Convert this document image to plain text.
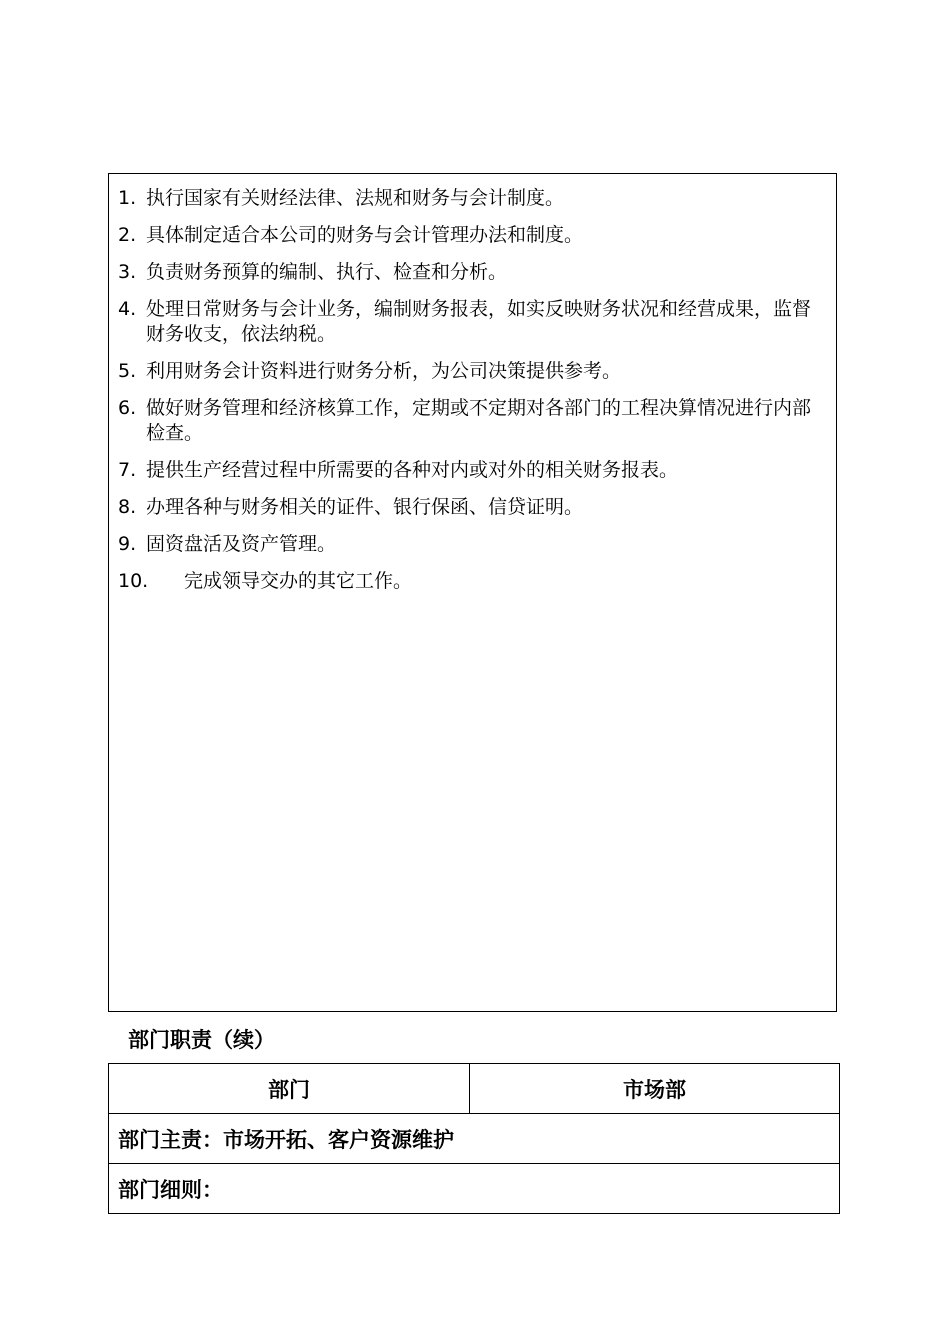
1. 执行国家有关财经法律、法规和财务与会计制度。
2. 具体制定适合本公司的财务与会计管理办法和制度。
3. 负责财务预算的编制、执行、检查和分析。
4. 处理日常财务与会计业务，编制财务报表，如实反映财务状况和经营成果，监督财务收支，依法纳税。
5. 利用财务会计资料进行财务分析，为公司决策提供参考。
6. 做好财务管理和经济核算工作，定期或不定期对各部门的工程决算情况进行内部检查。
7. 提供生产经营过程中所需要的各种对内或对外的相关财务报表。
8. 办理各种与财务相关的证件、银行保函、信贷证明。
9. 固资盘活及资产管理。
10.	完成领导交办的其它工作。
部门职责（续）
部门	市场部
部门主责：市场开拓、客户资源维护
部门细则：
